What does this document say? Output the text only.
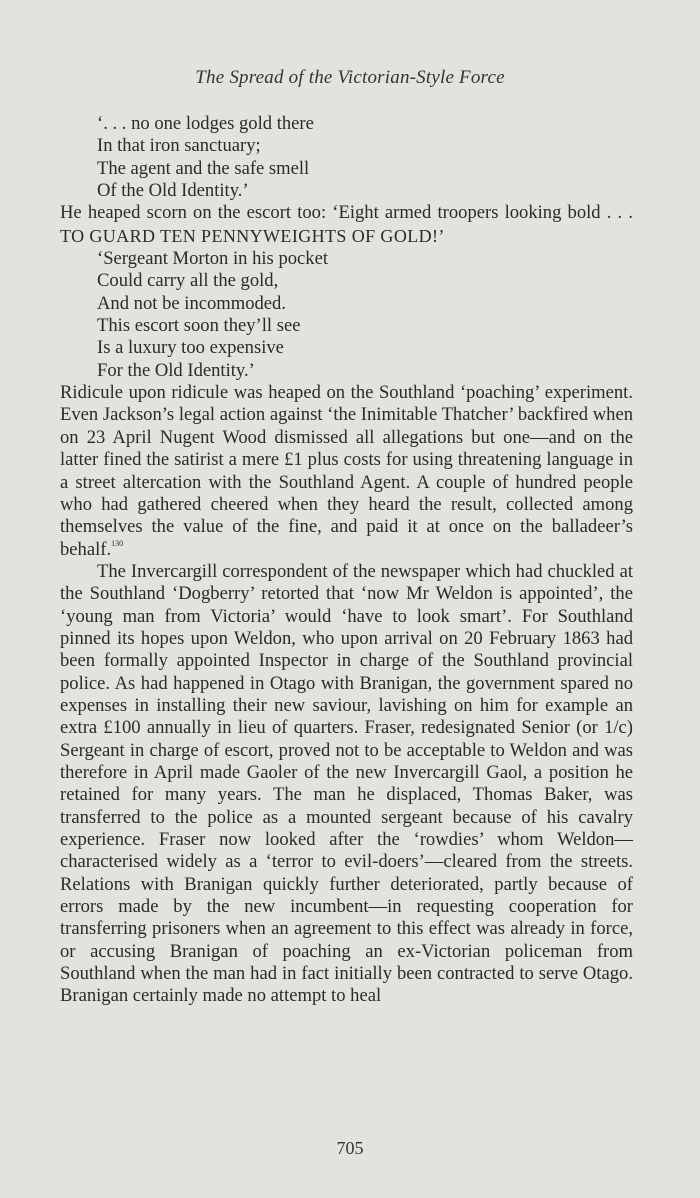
The Spread of the Victorian-Style Force
‘. . . no one lodges gold there
In that iron sanctuary;
The agent and the safe smell
Of the Old Identity.’

He heaped scorn on the escort too: ‘Eight armed troopers looking bold . . . TO GUARD TEN PENNYWEIGHTS OF GOLD!’

‘Sergeant Morton in his pocket
Could carry all the gold,
And not be incommoded.
This escort soon they’ll see
Is a luxury too expensive
For the Old Identity.’

Ridicule upon ridicule was heaped on the Southland ‘poaching’ experiment. Even Jackson’s legal action against ‘the Inimitable Thatcher’ backfired when on 23 April Nugent Wood dismissed all allegations but one—and on the latter fined the satirist a mere £1 plus costs for using threatening language in a street altercation with the Southland Agent. A couple of hundred people who had gathered cheered when they heard the result, collected among themselves the value of the fine, and paid it at once on the balladeer’s behalf.$^{130}$

The Invercargill correspondent of the newspaper which had chuckled at the Southland ‘Dogberry’ retorted that ‘now Mr Weldon is appointed’, the ‘young man from Victoria’ would ‘have to look smart’. For Southland pinned its hopes upon Weldon, who upon arrival on 20 February 1863 had been formally appointed Inspector in charge of the Southland provincial police. As had happened in Otago with Branigan, the government spared no expenses in installing their new saviour, lavishing on him for example an extra £100 annually in lieu of quarters. Fraser, redesignated Senior (or 1/c) Sergeant in charge of escort, proved not to be acceptable to Weldon and was therefore in April made Gaoler of the new Invercargill Gaol, a position he retained for many years. The man he displaced, Thomas Baker, was transferred to the police as a mounted sergeant because of his cavalry experience. Fraser now looked after the ‘rowdies’ whom Weldon—characterised widely as a ‘terror to evil-doers’—cleared from the streets. Relations with Branigan quickly further deteriorated, partly because of errors made by the new incumbent—in requesting cooperation for transferring prisoners when an agreement to this effect was already in force, or accusing Branigan of poaching an ex-Victorian policeman from Southland when the man had in fact initially been contracted to serve Otago. Branigan certainly made no attempt to heal

705
